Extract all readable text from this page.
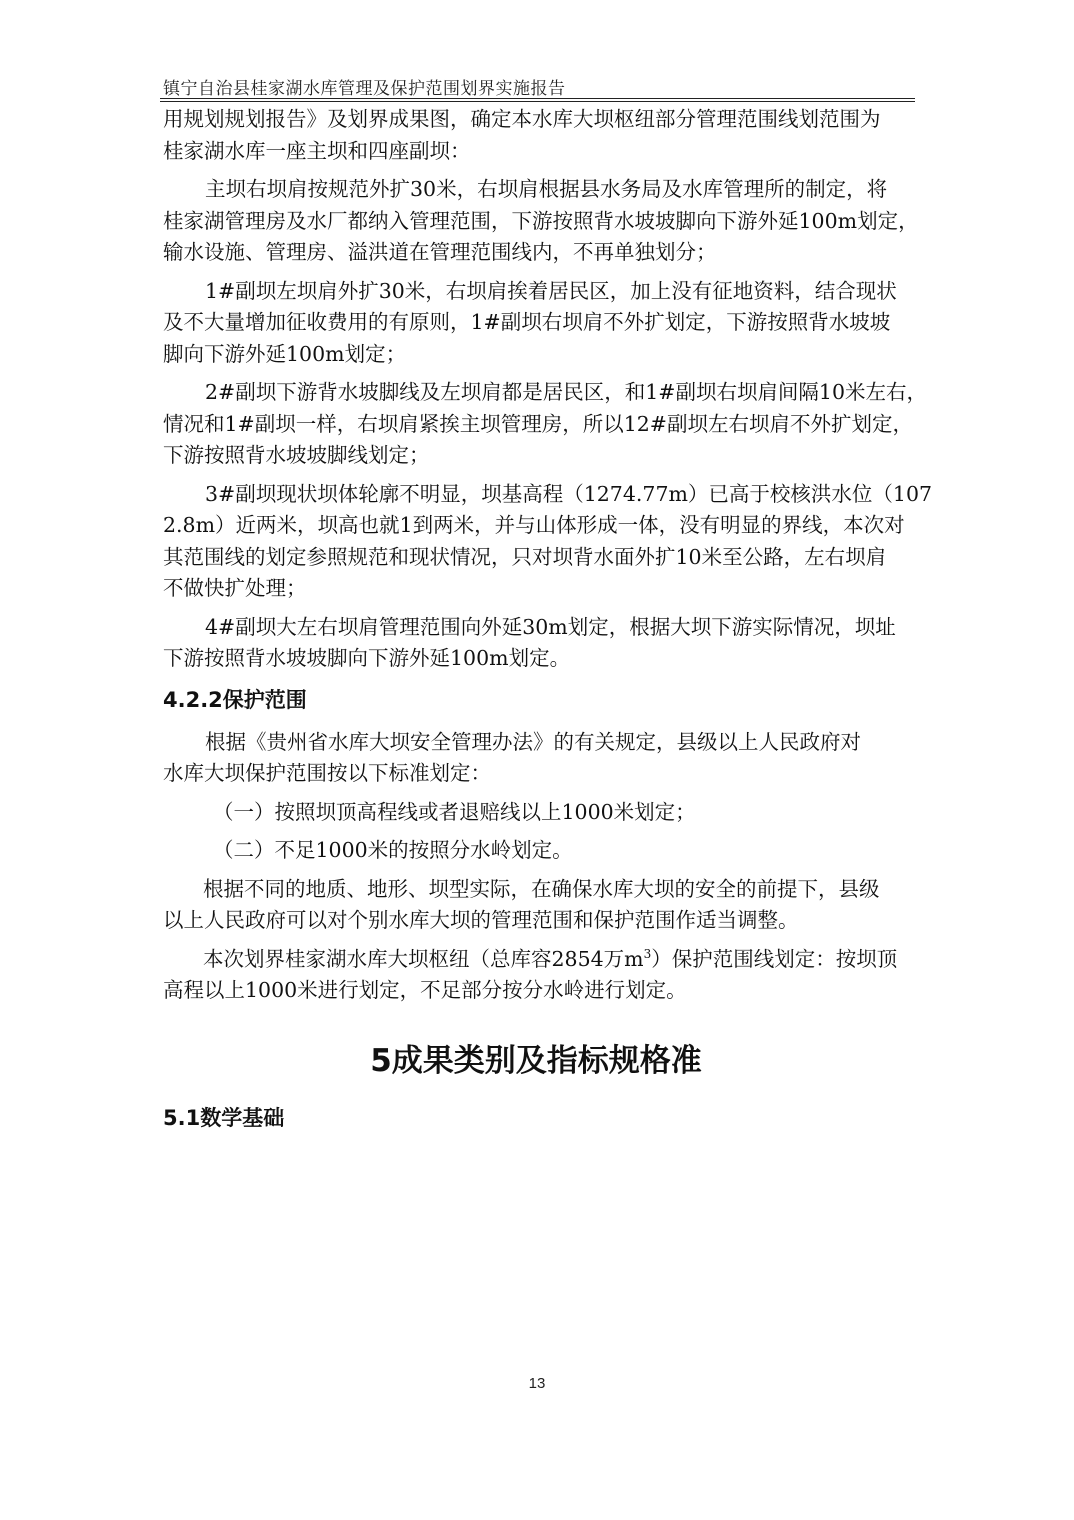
镇宁自治县桂家湖水库管理及保护范围划界实施报告
用规划规划报告》及划界成果图，确定本水库大坝枢纽部分管理范围线划范围为
桂家湖水库一座主坝和四座副坝：
主坝右坝肩按规范外扩30米，右坝肩根据县水务局及水库管理所的制定，将
桂家湖管理房及水厂都纳入管理范围，下游按照背水坡坡脚向下游外延100m划定，
输水设施、管理房、溢洪道在管理范围线内，不再单独划分；
1#副坝左坝肩外扩30米，右坝肩挨着居民区，加上没有征地资料，结合现状
及不大量增加征收费用的有原则，1#副坝右坝肩不外扩划定，下游按照背水坡坡
脚向下游外延100m划定；
2#副坝下游背水坡脚线及左坝肩都是居民区，和1#副坝右坝肩间隔10米左右，
情况和1#副坝一样，右坝肩紧挨主坝管理房，所以12#副坝左右坝肩不外扩划定，
下游按照背水坡坡脚线划定；
3#副坝现状坝体轮廓不明显，坝基高程（1274.77m）已高于校核洪水位（107
2.8m）近两米，坝高也就1到两米，并与山体形成一体，没有明显的界线，本次对
其范围线的划定参照规范和现状情况，只对坝背水面外扩10米至公路，左右坝肩
不做快扩处理；
4#副坝大左右坝肩管理范围向外延30m划定，根据大坝下游实际情况，坝址
下游按照背水坡坡脚向下游外延100m划定。
4.2.2保护范围
根据《贵州省水库大坝安全管理办法》的有关规定，县级以上人民政府对
水库大坝保护范围按以下标准划定：
（一）按照坝顶高程线或者退赔线以上1000米划定；
（二）不足1000米的按照分水岭划定。
根据不同的地质、地形、坝型实际，在确保水库大坝的安全的前提下，县级
以上人民政府可以对个别水库大坝的管理范围和保护范围作适当调整。
本次划界桂家湖水库大坝枢纽（总库容2854万$m^3$）保护范围线划定：按坝顶
高程以上1000米进行划定，不足部分按分水岭进行划定。
5成果类别及指标规格准
5.1数学基础
13
